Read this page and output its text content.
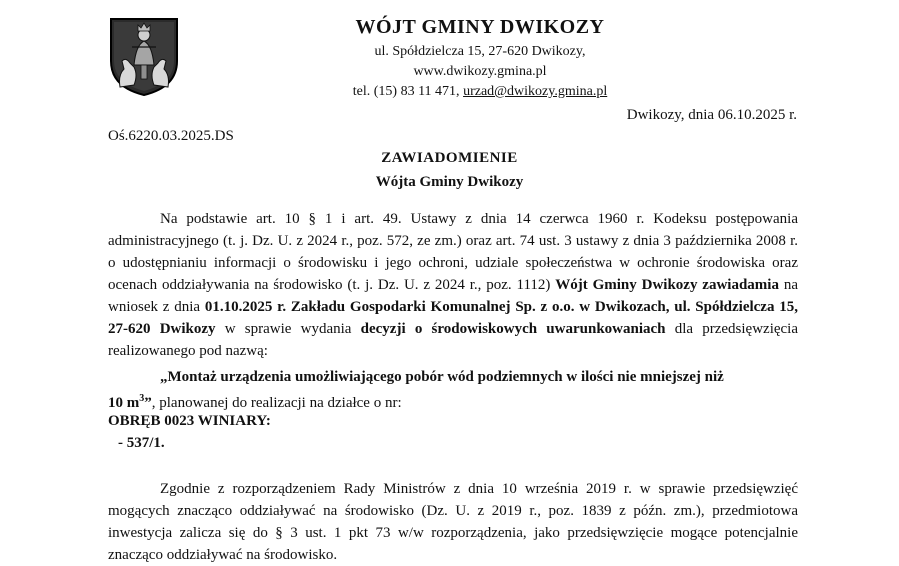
WÓJT GMINY DWIKOZY
ul. Spółdzielcza 15, 27-620 Dwikozy,
www.dwikozy.gmina.pl
tel. (15) 83 11 471, urzad@dwikozy.gmina.pl
Dwikozy, dnia 06.10.2025 r.
Oś.6220.03.2025.DS
ZAWIADOMIENIE
Wójta Gminy Dwikozy
Na podstawie art. 10 § 1 i art. 49. Ustawy z dnia 14 czerwca 1960 r. Kodeksu postępowania administracyjnego (t. j. Dz. U. z 2024 r., poz. 572, ze zm.) oraz art. 74 ust. 3 ustawy z dnia 3 października 2008 r. o udostępnianiu informacji o środowisku i jego ochroni, udziale społeczeństwa w ochronie środowiska oraz ocenach oddziaływania na środowisko (t. j. Dz. U. z 2024 r., poz. 1112) Wójt Gminy Dwikozy zawiadamia na wniosek z dnia 01.10.2025 r. Zakładu Gospodarki Komunalnej Sp. z o.o. w Dwikozach, ul. Spółdzielcza 15, 27-620 Dwikozy w sprawie wydania decyzji o środowiskowych uwarunkowaniach dla przedsięwzięcia realizowanego pod nazwą:
„Montaż urządzenia umożliwiającego pobór wód podziemnych w ilości nie mniejszej niż
10 $m^3$”, planowanej do realizacji na działce o nr:
OBRĘB 0023 WINIARY:
- 537/1.
Zgodnie z rozporządzeniem Rady Ministrów z dnia 10 września 2019 r. w sprawie przedsięwzięć mogących znacząco oddziaływać na środowisko (Dz. U. z 2019 r., poz. 1839 z późn. zm.), przedmiotowa inwestycja zalicza się do § 3 ust. 1 pkt 73 w/w rozporządzenia, jako przedsięwzięcie mogące potencjalnie znacząco oddziaływać na środowisko.
